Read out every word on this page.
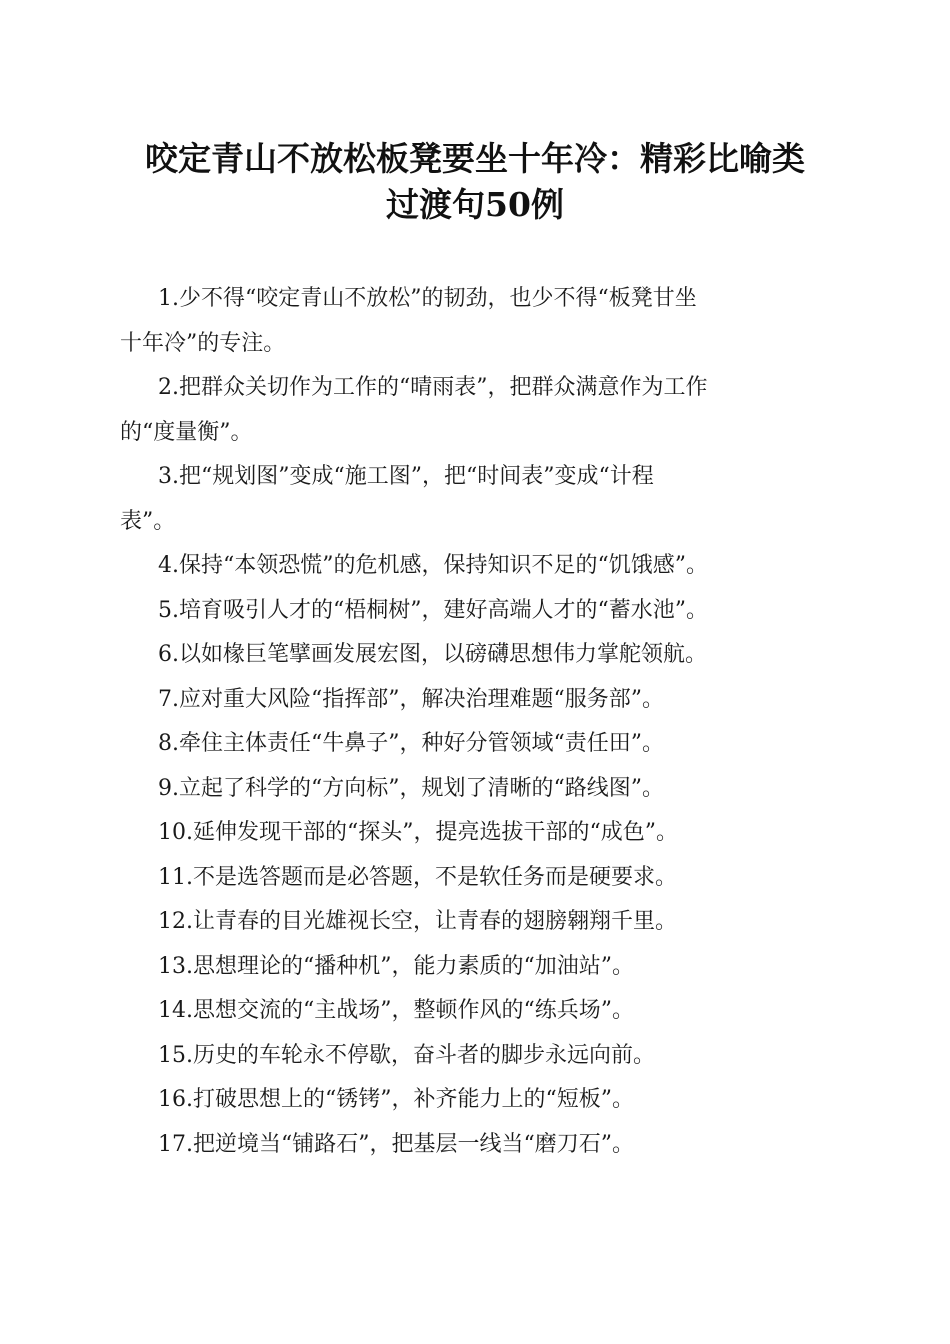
咬定青山不放松板凳要坐十年冷：精彩比喻类
过渡句50例
1.少不得“咬定青山不放松”的韧劲，也少不得“板凳甘坐
十年冷”的专注。
2.把群众关切作为工作的“晴雨表”，把群众满意作为工作
的“度量衡”。
3.把“规划图”变成“施工图”，把“时间表”变成“计程
表”。
4.保持“本领恐慌”的危机感，保持知识不足的“饥饿感”。
5.培育吸引人才的“梧桐树”，建好高端人才的“蓄水池”。
6.以如椽巨笔擘画发展宏图，以磅礴思想伟力掌舵领航。
7.应对重大风险“指挥部”，解决治理难题“服务部”。
8.牵住主体责任“牛鼻子”，种好分管领域“责任田”。
9.立起了科学的“方向标”，规划了清晰的“路线图”。
10.延伸发现干部的“探头”，提亮选拔干部的“成色”。
11.不是选答题而是必答题，不是软任务而是硬要求。
12.让青春的目光雄视长空，让青春的翅膀翱翔千里。
13.思想理论的“播种机”，能力素质的“加油站”。
14.思想交流的“主战场”，整顿作风的“练兵场”。
15.历史的车轮永不停歇，奋斗者的脚步永远向前。
16.打破思想上的“锈铐”，补齐能力上的“短板”。
17.把逆境当“铺路石”，把基层一线当“磨刀石”。
